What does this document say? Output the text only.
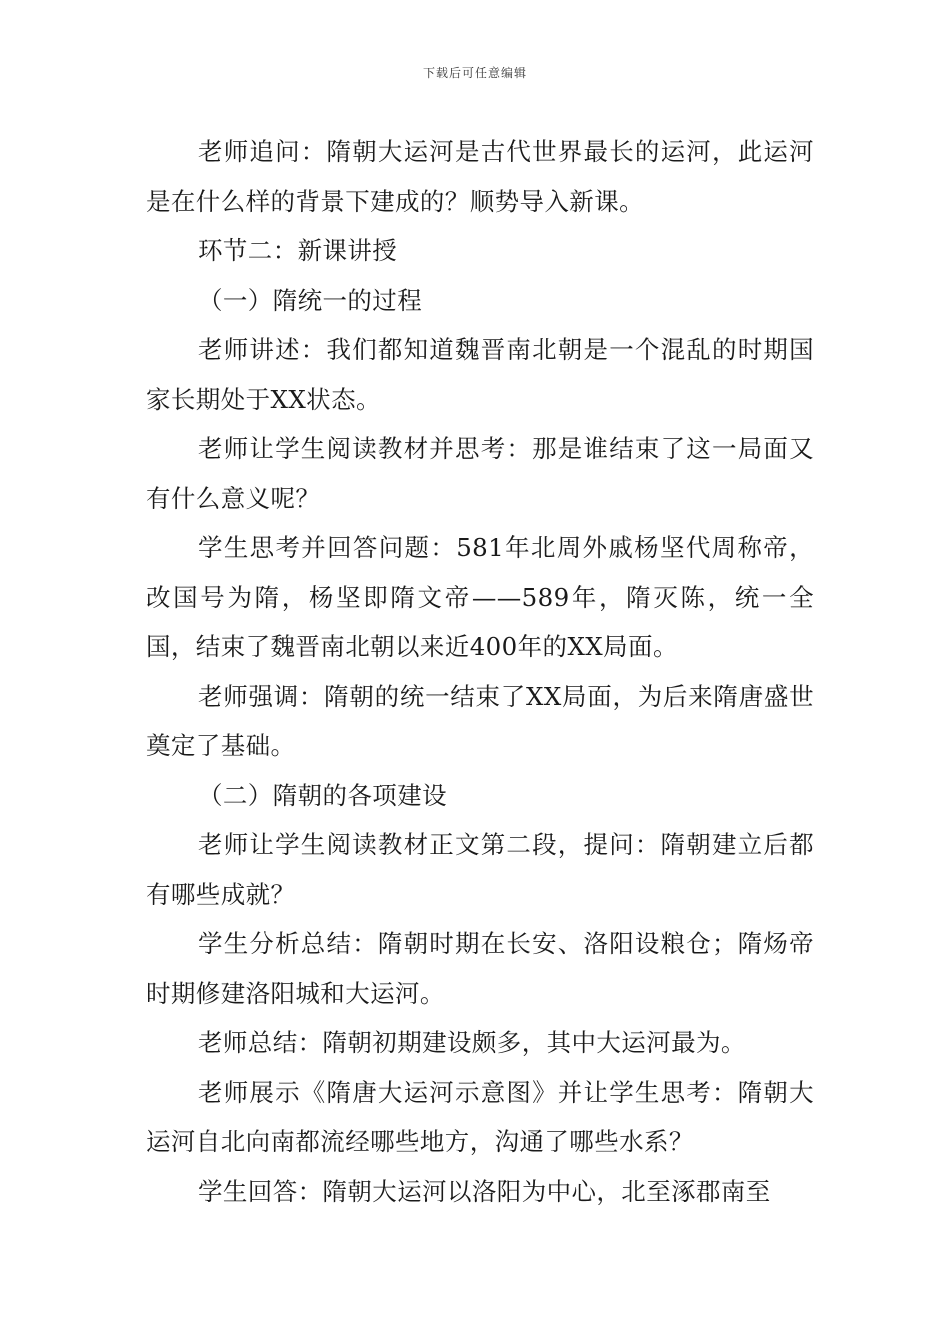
下载后可任意编辑

老师追问：隋朝大运河是古代世界最长的运河，此运河是在什么样的背景下建成的？顺势导入新课。

环节二：新课讲授

（一）隋统一的过程

老师讲述：我们都知道魏晋南北朝是一个混乱的时期国家长期处于XX状态。

老师让学生阅读教材并思考：那是谁结束了这一局面又有什么意义呢？

学生思考并回答问题：581年北周外戚杨坚代周称帝，改国号为隋，杨坚即隋文帝——589年，隋灭陈，统一全国，结束了魏晋南北朝以来近400年的XX局面。

老师强调：隋朝的统一结束了XX局面，为后来隋唐盛世奠定了基础。

（二）隋朝的各项建设

老师让学生阅读教材正文第二段，提问：隋朝建立后都有哪些成就？

学生分析总结：隋朝时期在长安、洛阳设粮仓；隋炀帝时期修建洛阳城和大运河。

老师总结：隋朝初期建设颇多，其中大运河最为。

老师展示《隋唐大运河示意图》并让学生思考：隋朝大运河自北向南都流经哪些地方，沟通了哪些水系？

学生回答：隋朝大运河以洛阳为中心，北至涿郡南至
